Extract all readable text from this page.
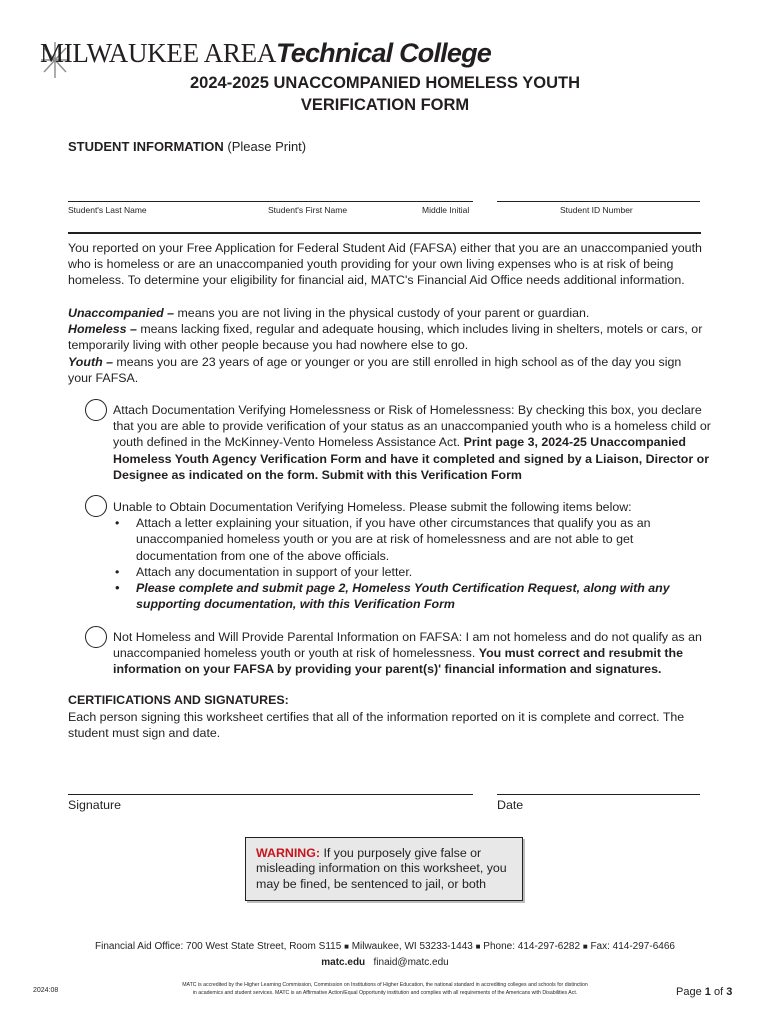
MILWAUKEE AREATechnical College
2024-2025 UNACCOMPANIED HOMELESS YOUTH
VERIFICATION FORM
STUDENT INFORMATION (Please Print)
Student's Last Name	Student's First Name	Middle Initial	Student ID Number
You reported on your Free Application for Federal Student Aid (FAFSA) either that you are an unaccompanied youth who is homeless or are an unaccompanied youth providing for your own living expenses who is at risk of being homeless. To determine your eligibility for financial aid, MATC's Financial Aid Office needs additional information.

Unaccompanied – means you are not living in the physical custody of your parent or guardian.

Homeless – means lacking fixed, regular and adequate housing, which includes living in shelters, motels or cars, or temporarily living with other people because you had nowhere else to go.

Youth – means you are 23 years of age or younger or you are still enrolled in high school as of the day you sign your FAFSA.

Attach Documentation Verifying Homelessness or Risk of Homelessness: By checking this box, you declare that you are able to provide verification of your status as an unaccompanied youth who is a homeless child or youth defined in the McKinney-Vento Homeless Assistance Act. Print page 3, 2024-25 Unaccompanied Homeless Youth Agency Verification Form and have it completed and signed by a Liaison, Director or Designee as indicated on the form. Submit with this Verification Form
Unable to Obtain Documentation Verifying Homeless. Please submit the following items below:
• Attach a letter explaining your situation, if you have other circumstances that qualify you as an unaccompanied homeless youth or you are at risk of homelessness and are not able to get documentation from one of the above officials.
• Attach any documentation in support of your letter.
• Please complete and submit page 2, Homeless Youth Certification Request, along with any supporting documentation, with this Verification Form
Not Homeless and Will Provide Parental Information on FAFSA: I am not homeless and do not qualify as an unaccompanied homeless youth or youth at risk of homelessness. You must correct and resubmit the information on your FAFSA by providing your parent(s)' financial information and signatures.
CERTIFICATIONS AND SIGNATURES:
Each person signing this worksheet certifies that all of the information reported on it is complete and correct. The student must sign and date.
Signature	Date
WARNING: If you purposely give false or misleading information on this worksheet, you may be fined, be sentenced to jail, or both
Financial Aid Office: 700 West State Street, Room S115 ■ Milwaukee, WI 53233-1443 ■ Phone: 414-297-6282 ■ Fax: 414-297-6466
matc.edu finaid@matc.edu
2024:08
MATC is accredited by the Higher Learning Commission, Commission on Institutions of Higher Education, the national standard in accrediting colleges and schools for distinction
in academics and student services. MATC is an Affirmative Action/Equal Opportunity institution and complies with all requirements of the Americans with Disabilities Act.	Page 1 of 3
